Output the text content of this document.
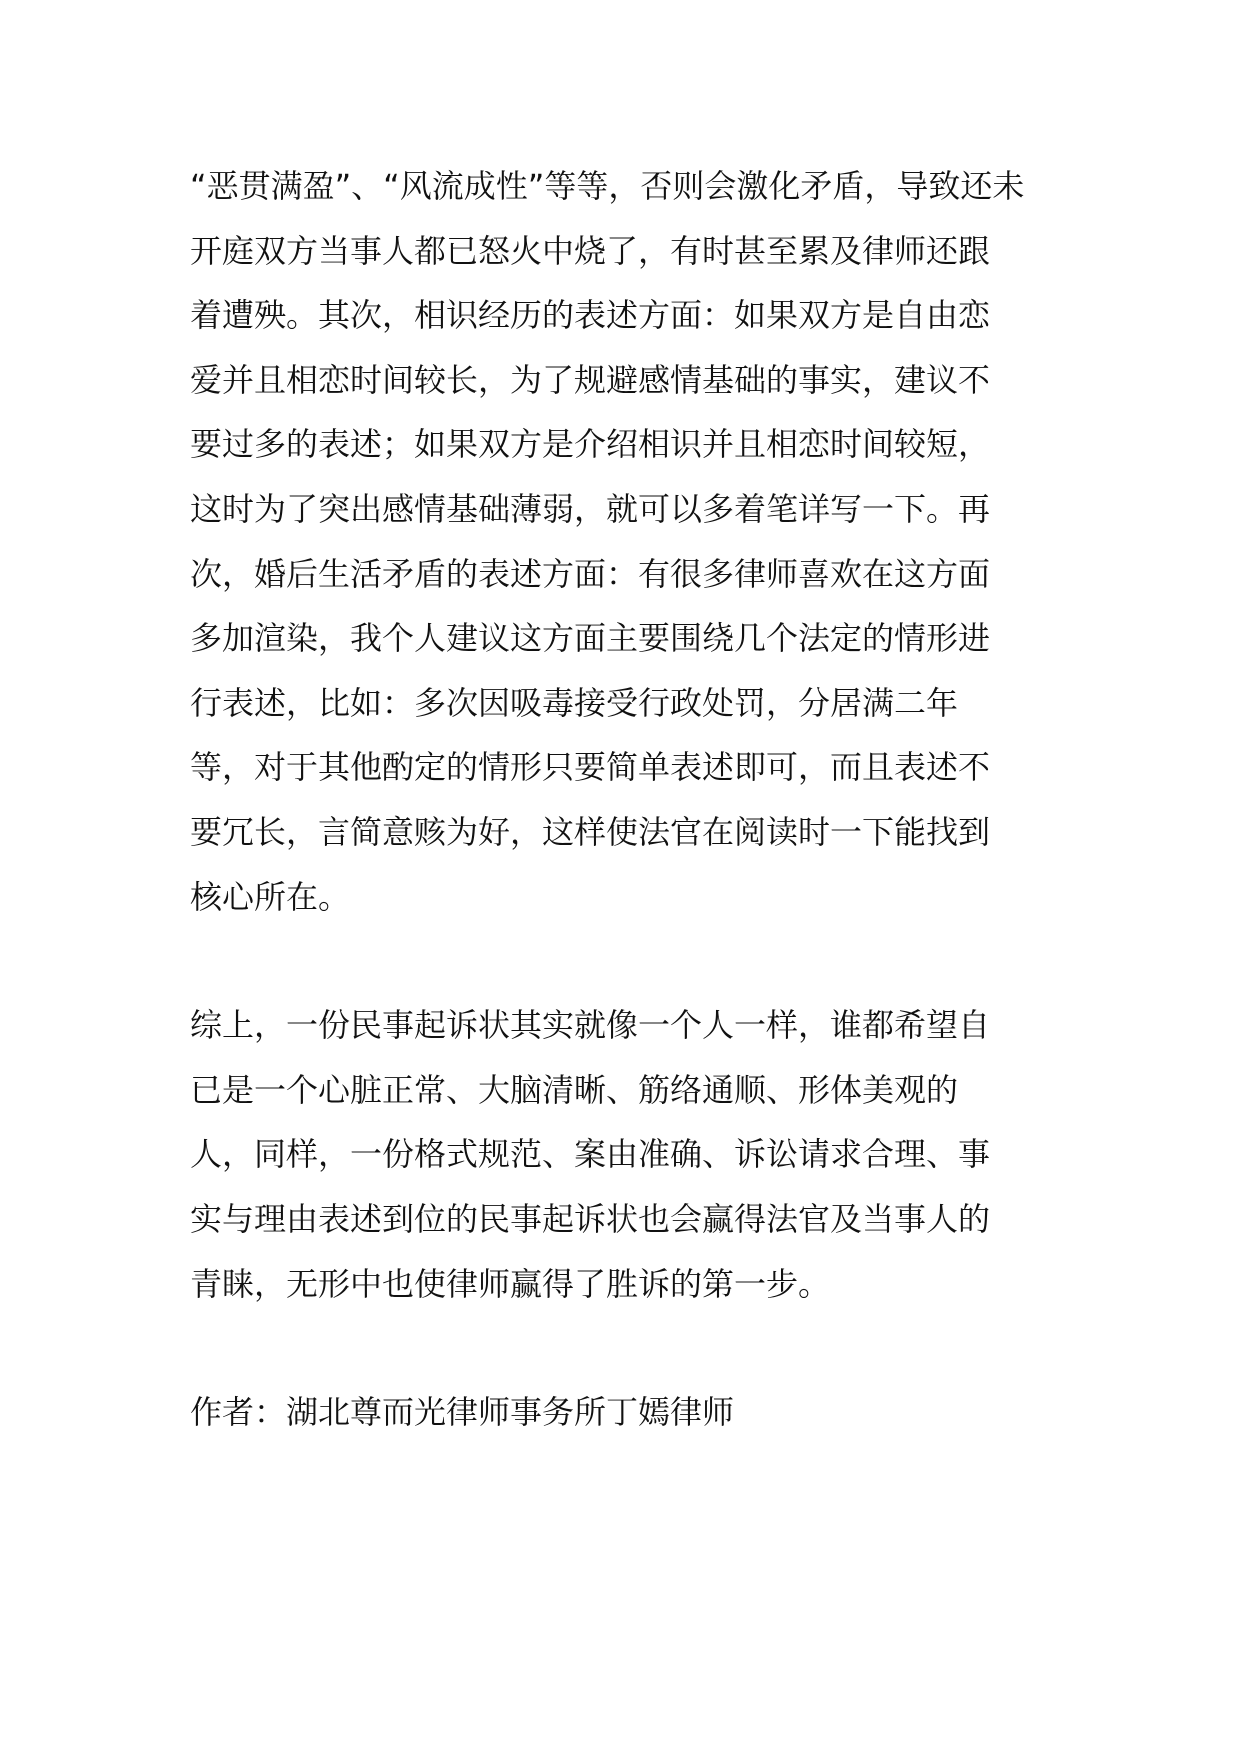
“恶贯满盈”、“风流成性”等等，否则会激化矛盾，导致还未
开庭双方当事人都已怒火中烧了，有时甚至累及律师还跟
着遭殃。其次，相识经历的表述方面：如果双方是自由恋
爱并且相恋时间较长，为了规避感情基础的事实，建议不
要过多的表述；如果双方是介绍相识并且相恋时间较短，
这时为了突出感情基础薄弱，就可以多着笔详写一下。再
次，婚后生活矛盾的表述方面：有很多律师喜欢在这方面
多加渲染，我个人建议这方面主要围绕几个法定的情形进
行表述，比如：多次因吸毒接受行政处罚，分居满二年
等，对于其他酌定的情形只要简单表述即可，而且表述不
要冗长，言简意赅为好，这样使法官在阅读时一下能找到
核心所在。
综上，一份民事起诉状其实就像一个人一样，谁都希望自
已是一个心脏正常、大脑清晰、筋络通顺、形体美观的
人，同样，一份格式规范、案由准确、诉讼请求合理、事
实与理由表述到位的民事起诉状也会赢得法官及当事人的
青睐，无形中也使律师赢得了胜诉的第一步。
作者：湖北尊而光律师事务所丁嫣律师
